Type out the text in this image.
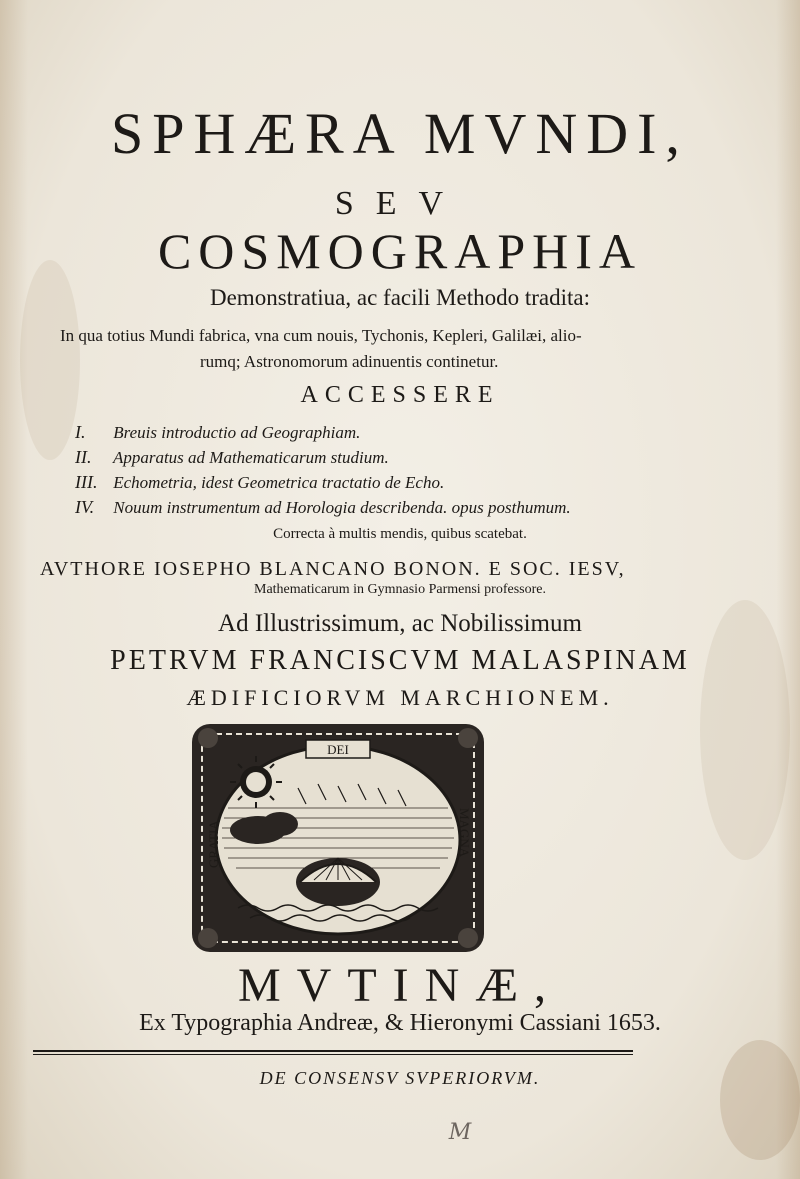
SPHÆRA MVNDI,
SEV
COSMOGRAPHIA
Demonstratiua, ac facili Methodo tradita:
In qua totius Mundi fabrica, vna cum nouis, Tychonis, Kepleri, Galilæi, alio-
rumq; Astronomorum adinuentis continetur.
ACCESSERE
I. Breuis introductio ad Geographiam.
II. Apparatus ad Mathematicarum studium.
III. Echometria, idest Geometrica tractatio de Echo.
IV. Nouum instrumentum ad Horologia describenda. opus posthumum.
Correcta à multis mendis, quibus scatebat.
AVTHORE IOSEPHO BLANCANO BONON. E SOC. IESV,
Mathematicarum in Gymnasio Parmensi professore.
Ad Illustrissimum, ac Nobilissimum
PETRVM FRANCISCVM MALASPINAM
ÆDIFICIORVM MARCHIONEM.
DEI
GRATIA	MAGNA
MVTINÆ,
Ex Typographia Andreæ, & Hieronymi Cassiani 1653.
DE CONSENSV SVPERIORVM.
M
